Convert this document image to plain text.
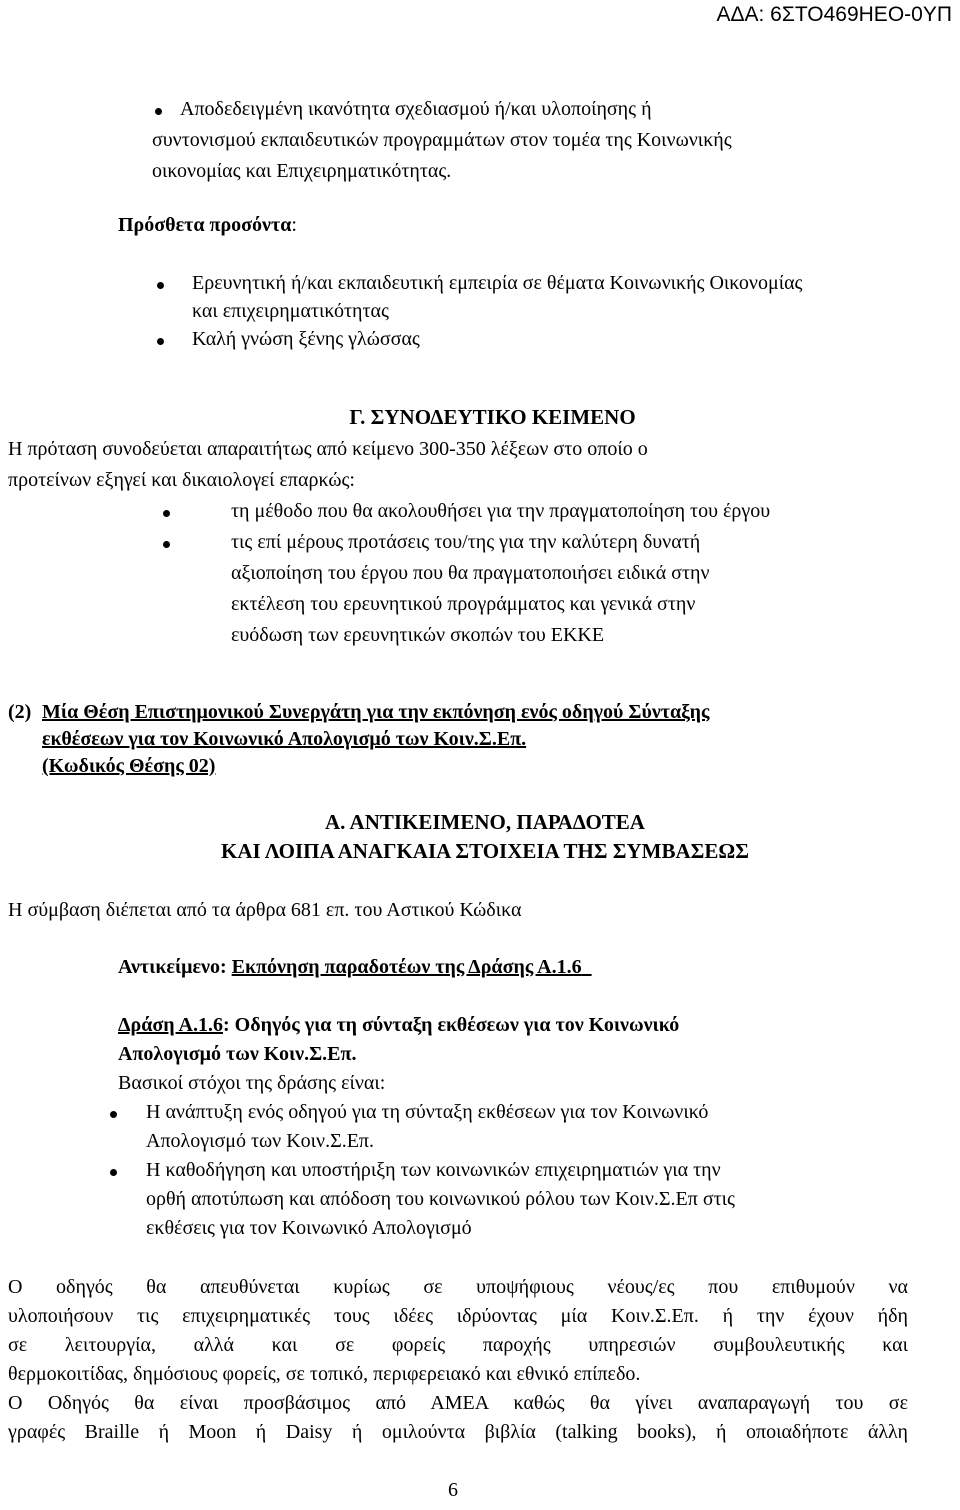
ΑΔΑ: 6ΣΤΟ469ΗΕΟ-0ΥΠ

Αποδεδειγμένη ικανότητα σχεδιασμού ή/και υλοποίησης ή

συντονισμού εκπαιδευτικών προγραμμάτων στον τομέα της Κοινωνικής

οικονομίας και Επιχειρηματικότητας.

Πρόσθετα προσόντα:

Ερευνητική ή/και εκπαιδευτική εμπειρία σε θέματα Κοινωνικής Οικονομίας

και επιχειρηματικότητας

Καλή γνώση ξένης γλώσσας

Γ. ΣΥΝΟΔΕΥΤΙΚΟ ΚΕΙΜΕΝΟ

Η πρόταση συνοδεύεται απαραιτήτως από κείμενο 300-350 λέξεων στο οποίο ο

προτείνων εξηγεί και δικαιολογεί επαρκώς:

τη μέθοδο που θα ακολουθήσει για την πραγματοποίηση του έργου

τις επί μέρους προτάσεις του/της για την καλύτερη δυνατή

αξιοποίηση του έργου που θα πραγματοποιήσει ειδικά στην

εκτέλεση του ερευνητικού προγράμματος και γενικά στην

ευόδωση των ερευνητικών σκοπών του ΕΚΚΕ

(2) Μία Θέση Επιστημονικού Συνεργάτη για την εκπόνηση ενός οδηγού Σύνταξης

εκθέσεων για τον Κοινωνικό Απολογισμό των Κοιν.Σ.Επ.

(Κωδικός Θέσης 02)

Α. ΑΝΤΙΚΕΙΜΕΝΟ, ΠΑΡΑΔΟΤΕΑ

ΚΑΙ ΛΟΙΠΑ ΑΝΑΓΚΑΙΑ ΣΤΟΙΧΕΙΑ ΤΗΣ ΣΥΜΒΑΣΕΩΣ

Η σύμβαση διέπεται από τα άρθρα 681 επ. του Αστικού Κώδικα

Αντικείμενο: Εκπόνηση παραδοτέων της Δράσης Α.1.6

Δράση Α.1.6: Οδηγός για τη σύνταξη εκθέσεων για τον Κοινωνικό

Απολογισμό των Κοιν.Σ.Επ.

Βασικοί στόχοι της δράσης είναι:

Η ανάπτυξη ενός οδηγού για τη σύνταξη εκθέσεων για τον Κοινωνικό

Απολογισμό των Κοιν.Σ.Επ.

Η καθοδήγηση και υποστήριξη των κοινωνικών επιχειρηματιών για την

ορθή αποτύπωση και απόδοση του κοινωνικού ρόλου των Κοιν.Σ.Επ στις

εκθέσεις για τον Κοινωνικό Απολογισμό

Ο οδηγός θα απευθύνεται κυρίως σε υποψήφιους νέους/ες που επιθυμούν να

υλοποιήσουν τις επιχειρηματικές τους ιδέες ιδρύοντας μία Κοιν.Σ.Επ. ή την έχουν ήδη

σε λειτουργία, αλλά και σε φορείς παροχής υπηρεσιών συμβουλευτικής και

θερμοκοιτίδας, δημόσιους φορείς, σε τοπικό, περιφερειακό και εθνικό επίπεδο.

Ο Οδηγός θα είναι προσβάσιμος από ΑΜΕΑ καθώς θα γίνει αναπαραγωγή του σε

γραφές Braille ή Moon ή Daisy ή ομιλούντα βιβλία (talking books), ή οποιαδήποτε άλλη

6
